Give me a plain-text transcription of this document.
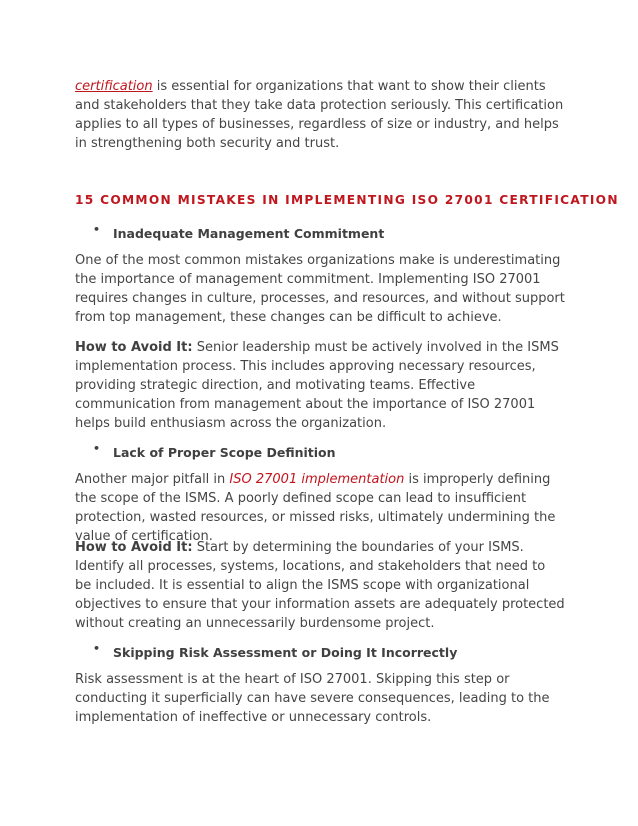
certification is essential for organizations that want to show their clients and stakeholders that they take data protection seriously. This certification applies to all types of businesses, regardless of size or industry, and helps in strengthening both security and trust.

15 COMMON MISTAKES IN IMPLEMENTING ISO 27001 CERTIFICATION
• Inadequate Management Commitment

One of the most common mistakes organizations make is underestimating the importance of management commitment. Implementing ISO 27001 requires changes in culture, processes, and resources, and without support from top management, these changes can be difficult to achieve.

How to Avoid It: Senior leadership must be actively involved in the ISMS implementation process. This includes approving necessary resources, providing strategic direction, and motivating teams. Effective communication from management about the importance of ISO 27001 helps build enthusiasm across the organization.

• Lack of Proper Scope Definition

Another major pitfall in ISO 27001 implementation is improperly defining the scope of the ISMS. A poorly defined scope can lead to insufficient protection, wasted resources, or missed risks, ultimately undermining the value of certification.

How to Avoid It: Start by determining the boundaries of your ISMS. Identify all processes, systems, locations, and stakeholders that need to be included. It is essential to align the ISMS scope with organizational objectives to ensure that your information assets are adequately protected without creating an unnecessarily burdensome project.

• Skipping Risk Assessment or Doing It Incorrectly

Risk assessment is at the heart of ISO 27001. Skipping this step or conducting it superficially can have severe consequences, leading to the implementation of ineffective or unnecessary controls.
